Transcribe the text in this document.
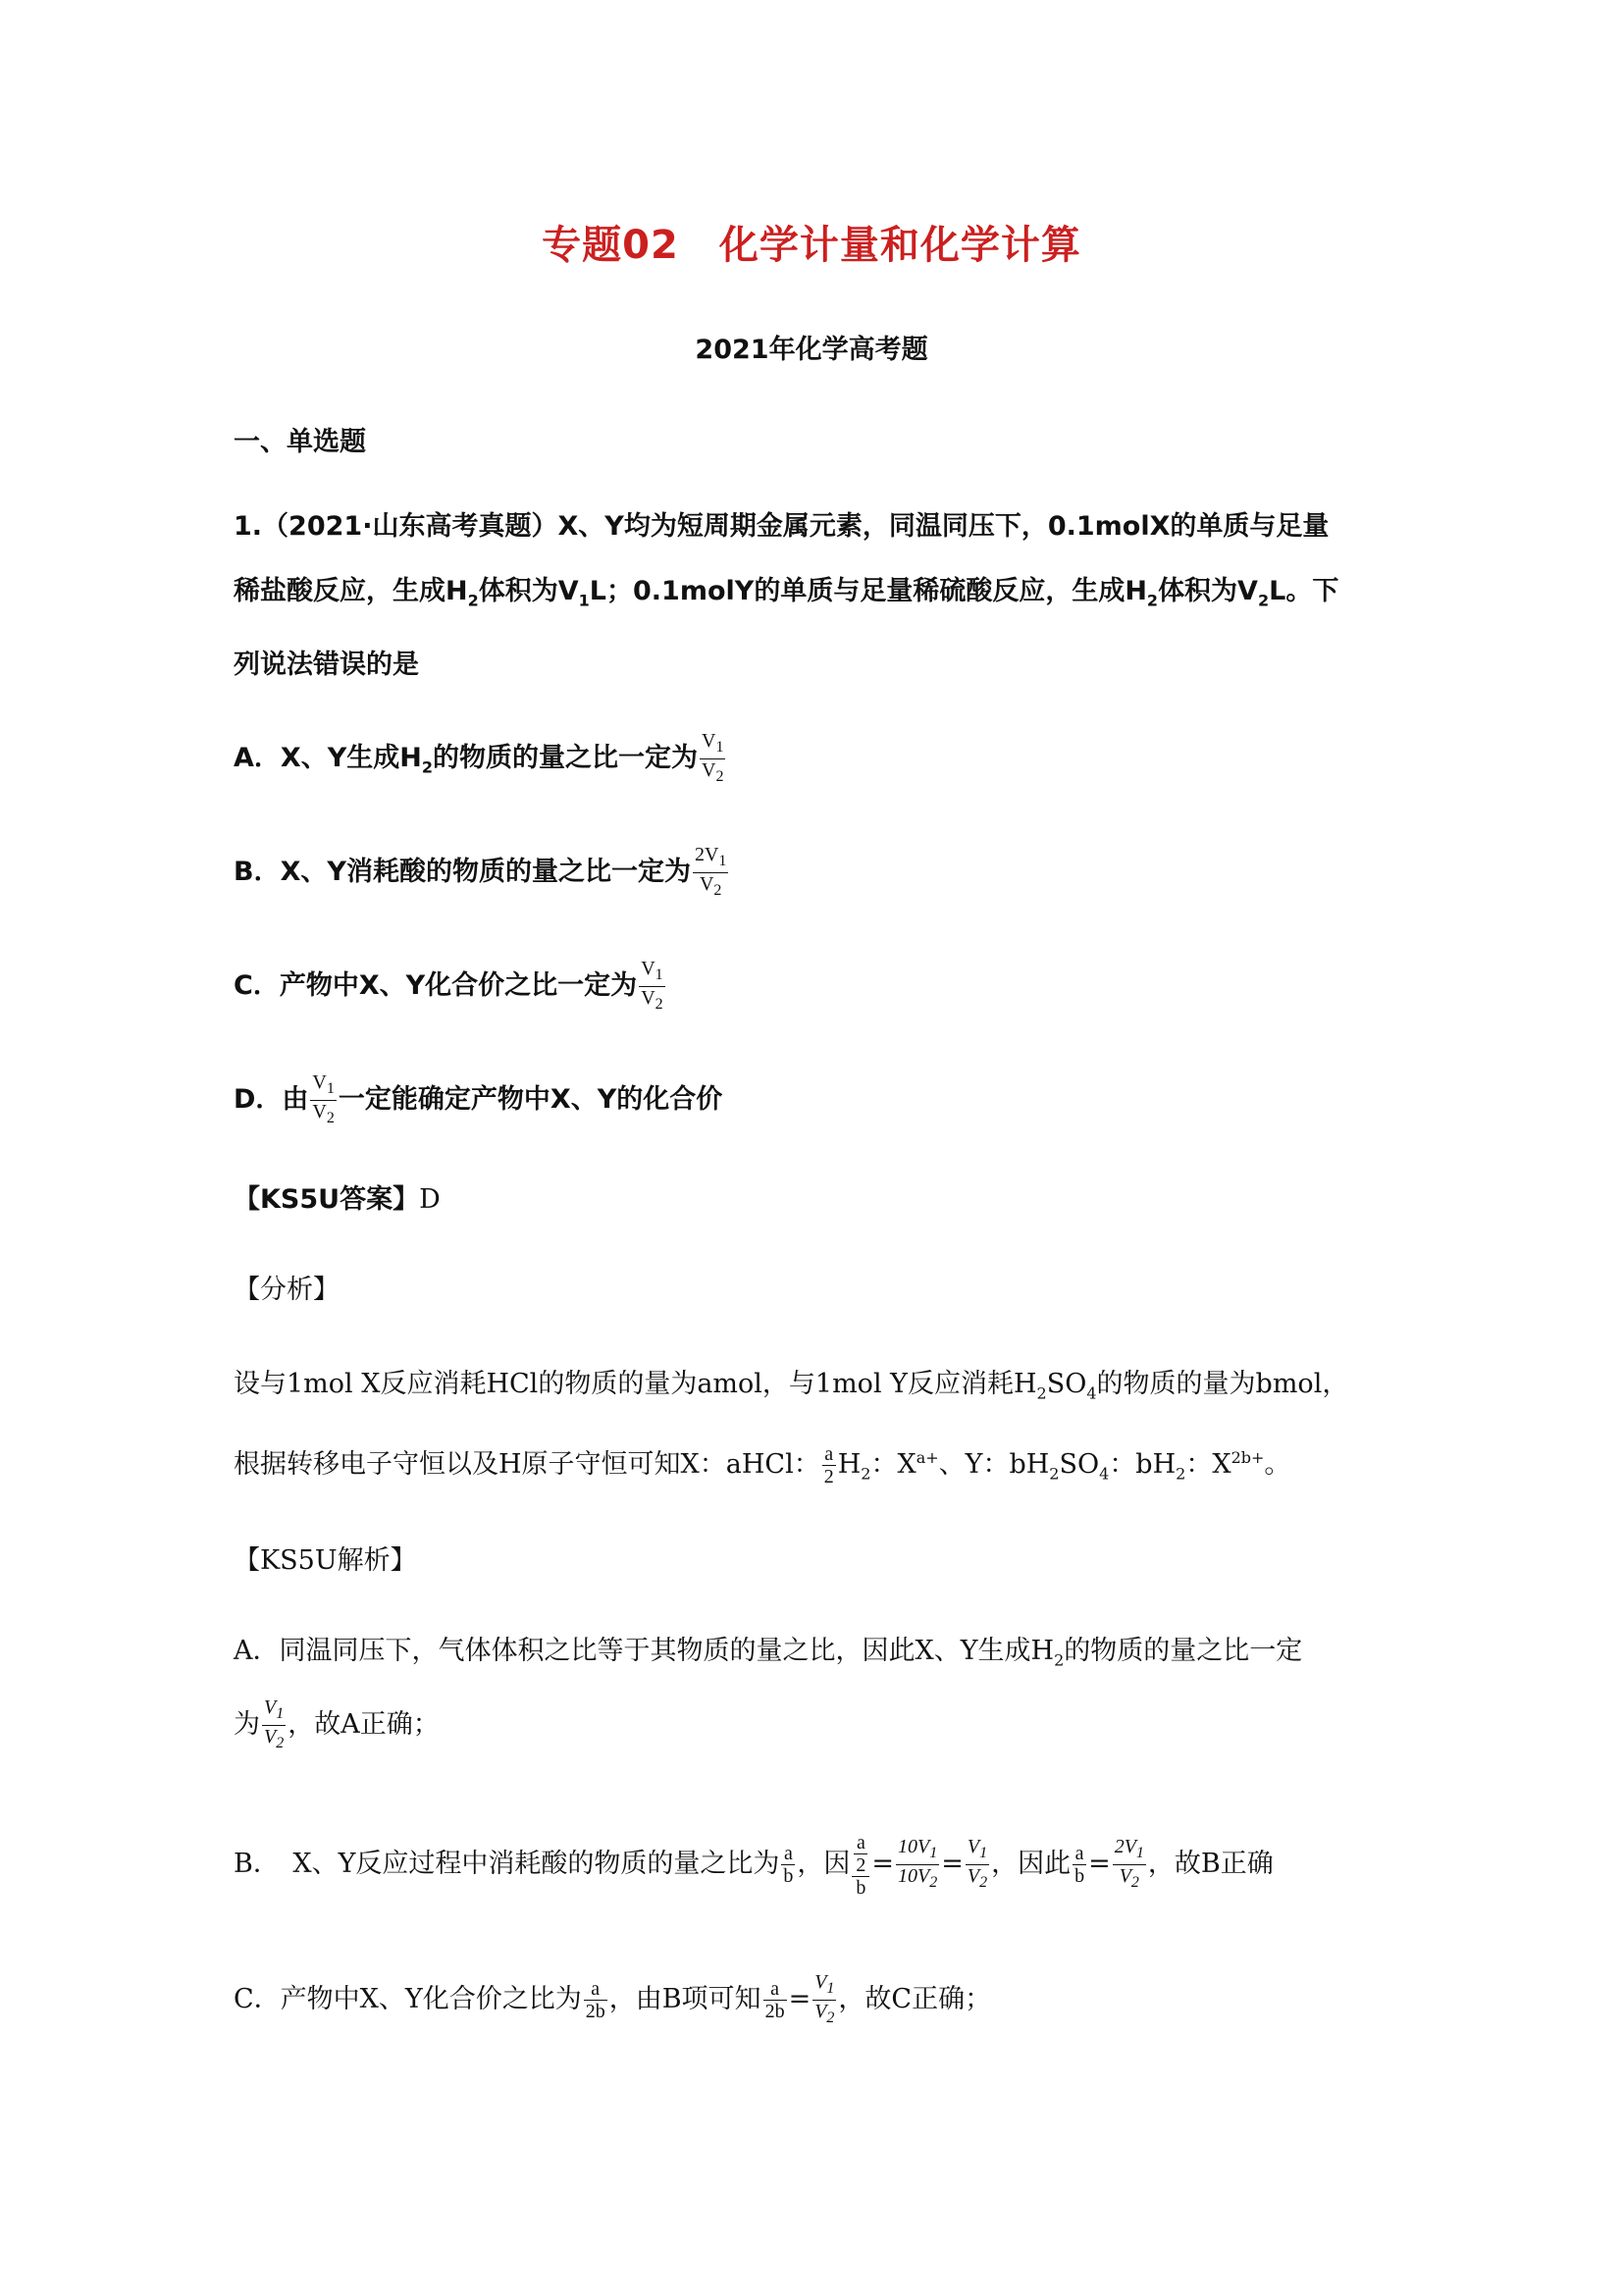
专题02　化学计量和化学计算
2021年化学高考题
一、单选题
1.（2021·山东高考真题）X、Y均为短周期金属元素，同温同压下，0.1molX的单质与足量
稀盐酸反应，生成$H_2$体积为$V_1L$；0.1molY的单质与足量稀硫酸反应，生成$H_2$体积为$V_2L$。下
列说法错误的是
A．X、Y生成$H_2$的物质的量之比一定为 $\frac{V_1}{V_2}$
B．X、Y消耗酸的物质的量之比一定为 $\frac{2V_1}{V_2}$
C．产物中X、Y化合价之比一定为 $\frac{V_1}{V_2}$
D．由 $\frac{V_1}{V_2}$ 一定能确定产物中X、Y的化合价
【KS5U答案】D
【分析】
设与1mol X反应消耗HCl的物质的量为amol，与1mol Y反应消耗$H_2SO_4$的物质的量为bmol，
根据转移电子守恒以及H原子守恒可知X：aHCl： $\frac{a}{2} H_2$：$X^{a+}$、Y：$bH_2SO_4$：$bH_2$：$X^{2b+}$。
【KS5U解析】
A．同温同压下，气体体积之比等于其物质的量之比，因此X、Y生成$H_2$的物质的量之比一定
为 $\frac{V_1}{V_2}$ ，故A正确；
B．　X、Y反应过程中消耗酸的物质的量之比为 $\frac{a}{b}$ ，因 $\frac{\frac{a}{2}}{b} = \frac{10V_1}{10V_2} = \frac{V_1}{V_2}$ ，因此 $\frac{a}{b} = \frac{2V_1}{V_2}$ ，故B正确
C．产物中X、Y化合价之比为 $\frac{a}{2b}$ ，由B项可知 $\frac{a}{2b} = \frac{V_1}{V_2}$ ，故C正确；
